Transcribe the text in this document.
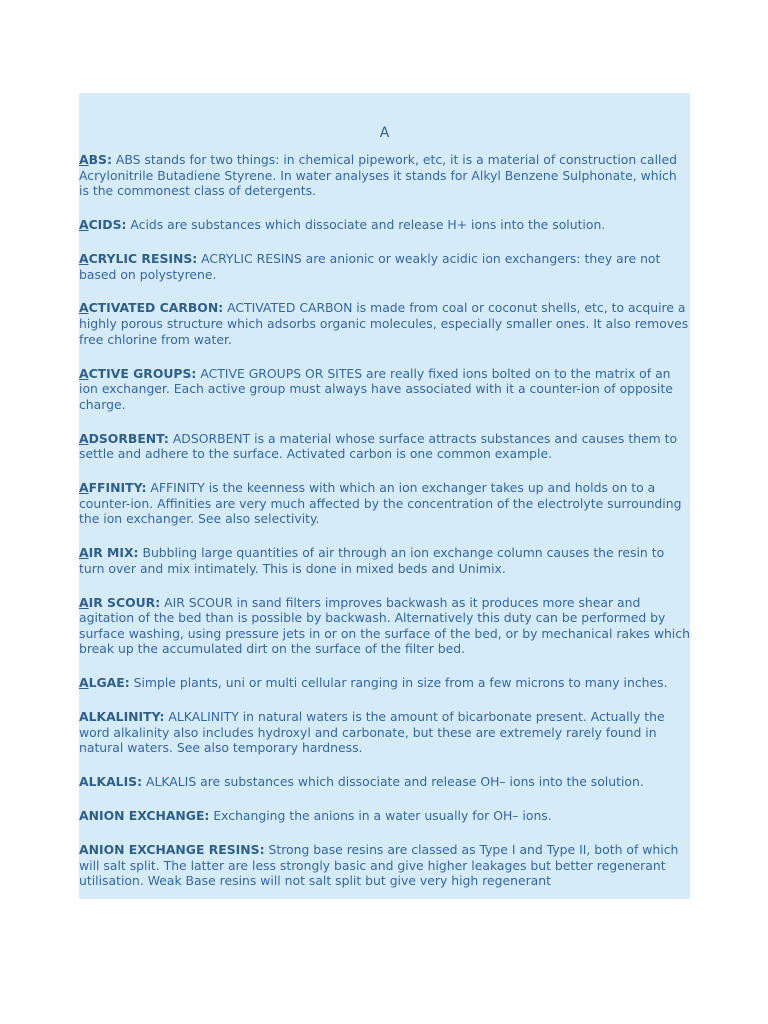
A

ABS: ABS stands for two things: in chemical pipework, etc, it is a material of construction called Acrylonitrile Butadiene Styrene. In water analyses it stands for Alkyl Benzene Sulphonate, which is the commonest class of detergents.

ACIDS: Acids are substances which dissociate and release H+ ions into the solution.

ACRYLIC RESINS: ACRYLIC RESINS are anionic or weakly acidic ion exchangers: they are not based on polystyrene.

ACTIVATED CARBON: ACTIVATED CARBON is made from coal or coconut shells, etc, to acquire a highly porous structure which adsorbs organic molecules, especially smaller ones. It also removes free chlorine from water.

ACTIVE GROUPS: ACTIVE GROUPS OR SITES are really fixed ions bolted on to the matrix of an ion exchanger. Each active group must always have associated with it a counter-ion of opposite charge.

ADSORBENT: ADSORBENT is a material whose surface attracts substances and causes them to settle and adhere to the surface. Activated carbon is one common example.

AFFINITY: AFFINITY is the keenness with which an ion exchanger takes up and holds on to a counter-ion. Affinities are very much affected by the concentration of the electrolyte surrounding the ion exchanger. See also selectivity.

AIR MIX: Bubbling large quantities of air through an ion exchange column causes the resin to turn over and mix intimately. This is done in mixed beds and Unimix.

AIR SCOUR: AIR SCOUR in sand filters improves backwash as it produces more shear and agitation of the bed than is possible by backwash. Alternatively this duty can be performed by surface washing, using pressure jets in or on the surface of the bed, or by mechanical rakes which break up the accumulated dirt on the surface of the filter bed.

ALGAE: Simple plants, uni or multi cellular ranging in size from a few microns to many inches.

ALKALINITY: ALKALINITY in natural waters is the amount of bicarbonate present. Actually the word alkalinity also includes hydroxyl and carbonate, but these are extremely rarely found in natural waters. See also temporary hardness.

ALKALIS: ALKALIS are substances which dissociate and release OH– ions into the solution.

ANION EXCHANGE: Exchanging the anions in a water usually for OH– ions.

ANION EXCHANGE RESINS: Strong base resins are classed as Type I and Type II, both of which will salt split. The latter are less strongly basic and give higher leakages but better regenerant utilisation. Weak Base resins will not salt split but give very high regenerant
